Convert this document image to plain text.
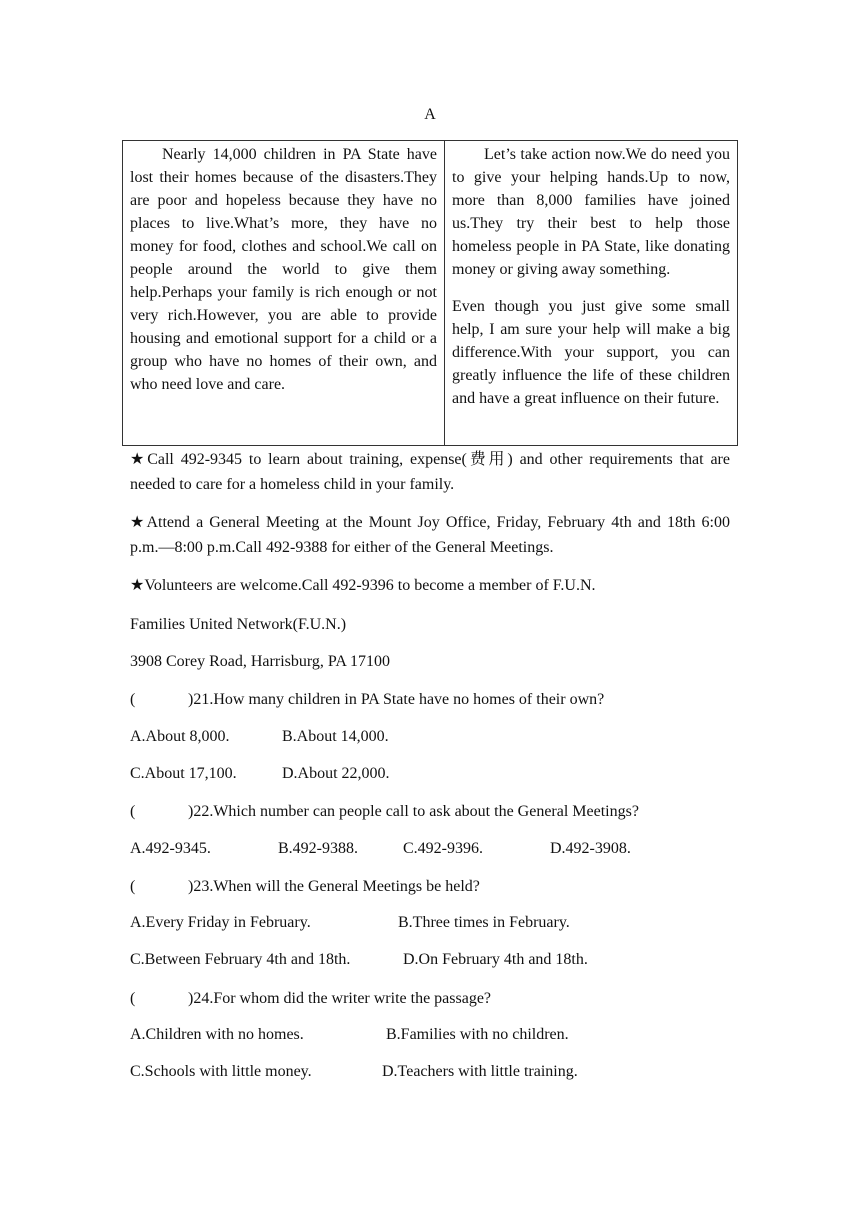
A

Nearly 14,000 children in PA State have lost their homes because of the disasters.They are poor and hopeless because they have no places to live.What’s more, they have no money for food, clothes and school.We call on people around the world to give them help.Perhaps your family is rich enough or not very rich.However, you are able to provide housing and emotional support for a child or a group who have no homes of their own, and who need love and care.

Let’s take action now.We do need you to give your helping hands.Up to now, more than 8,000 families have joined us.They try their best to help those homeless people in PA State, like donating money or giving away something.

Even though you just give some small help, I am sure your help will make a big difference.With your support, you can greatly influence the life of these children and have a great influence on their future.

★Call 492-9345 to learn about training, expense(费用) and other requirements that are needed to care for a homeless child in your family.

★Attend a General Meeting at the Mount Joy Office, Friday, February 4th and 18th 6:00 p.m.—8:00 p.m.Call 492-9388 for either of the General Meetings.

★Volunteers are welcome.Call 492-9396 to become a member of F.U.N.

Families United Network(F.U.N.)

3908 Corey Road, Harrisburg, PA 17100

(	)21.How many children in PA State have no homes of their own?

A.About 8,000.	B.About 14,000.
C.About 17,100.	D.About 22,000.

(	)22.Which number can people call to ask about the General Meetings?

A.492-9345.	B.492-9388.	C.492-9396.	D.492-3908.

(	)23.When will the General Meetings be held?

A.Every Friday in February.	B.Three times in February.
C.Between February 4th and 18th.	D.On February 4th and 18th.

(	)24.For whom did the writer write the passage?

A.Children with no homes.	B.Families with no children.
C.Schools with little money.	D.Teachers with little training.
